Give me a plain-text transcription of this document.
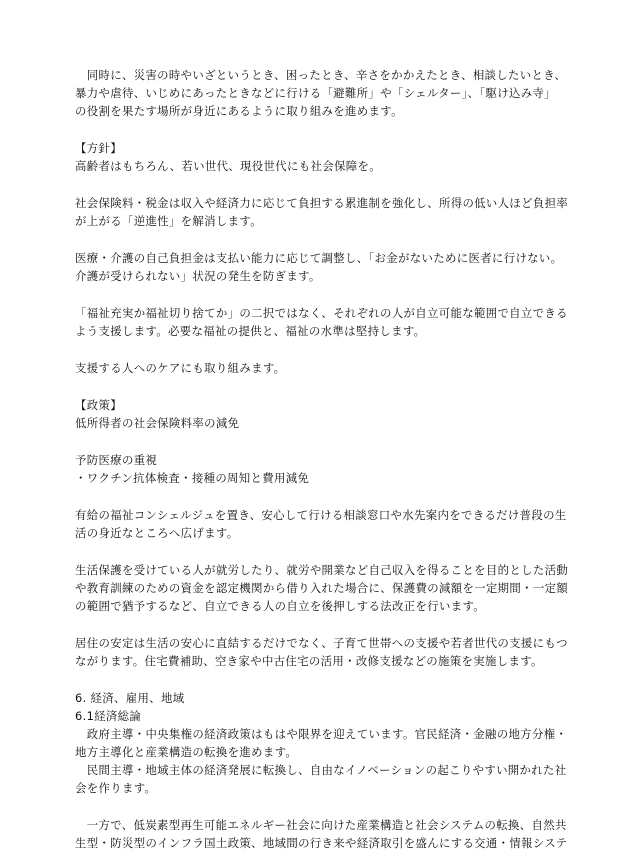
　同時に、災害の時やいざというとき、困ったとき、辛さをかかえたとき、相談したいとき、
暴力や虐待、いじめにあったときなどに行ける「避難所」や「シェルター」、「駆け込み寺」
の役割を果たす場所が身近にあるように取り組みを進めます。
【方針】
高齢者はもちろん、若い世代、現役世代にも社会保障を。
社会保険料・税金は収入や経済力に応じて負担する累進制を強化し、所得の低い人ほど負担率
が上がる「逆進性」を解消します。
医療・介護の自己負担金は支払い能力に応じて調整し、「お金がないために医者に行けない。
介護が受けられない」状況の発生を防ぎます。
「福祉充実か福祉切り捨てか」の二択ではなく、それぞれの人が自立可能な範囲で自立できる
よう支援します。必要な福祉の提供と、福祉の水準は堅持します。
支援する人へのケアにも取り組みます。
【政策】
低所得者の社会保険料率の減免
予防医療の重視
・ワクチン抗体検査・接種の周知と費用減免
有給の福祉コンシェルジュを置き、安心して行ける相談窓口や水先案内をできるだけ普段の生
活の身近なところへ広げます。
生活保護を受けている人が就労したり、就労や開業など自己収入を得ることを目的とした活動
や教育訓練のための資金を認定機関から借り入れた場合に、保護費の減額を一定期間・一定額
の範囲で猶予するなど、自立できる人の自立を後押しする法改正を行います。
居住の安定は生活の安心に直結するだけでなく、子育て世帯への支援や若者世代の支援にもつ
ながります。住宅費補助、空き家や中古住宅の活用・改修支援などの施策を実施します。
6. 経済、雇用、地域
6.1経済総論
　政府主導・中央集権の経済政策はもはや限界を迎えています。官民経済・金融の地方分権・
地方主導化と産業構造の転換を進めます。
　民間主導・地域主体の経済発展に転換し、自由なイノベーションの起こりやすい開かれた社
会を作ります。
　一方で、低炭素型再生可能エネルギー社会に向けた産業構造と社会システムの転換、自然共
生型・防災型のインフラ国土政策、地域間の行き来や経済取引を盛んにする交通・情報システ
